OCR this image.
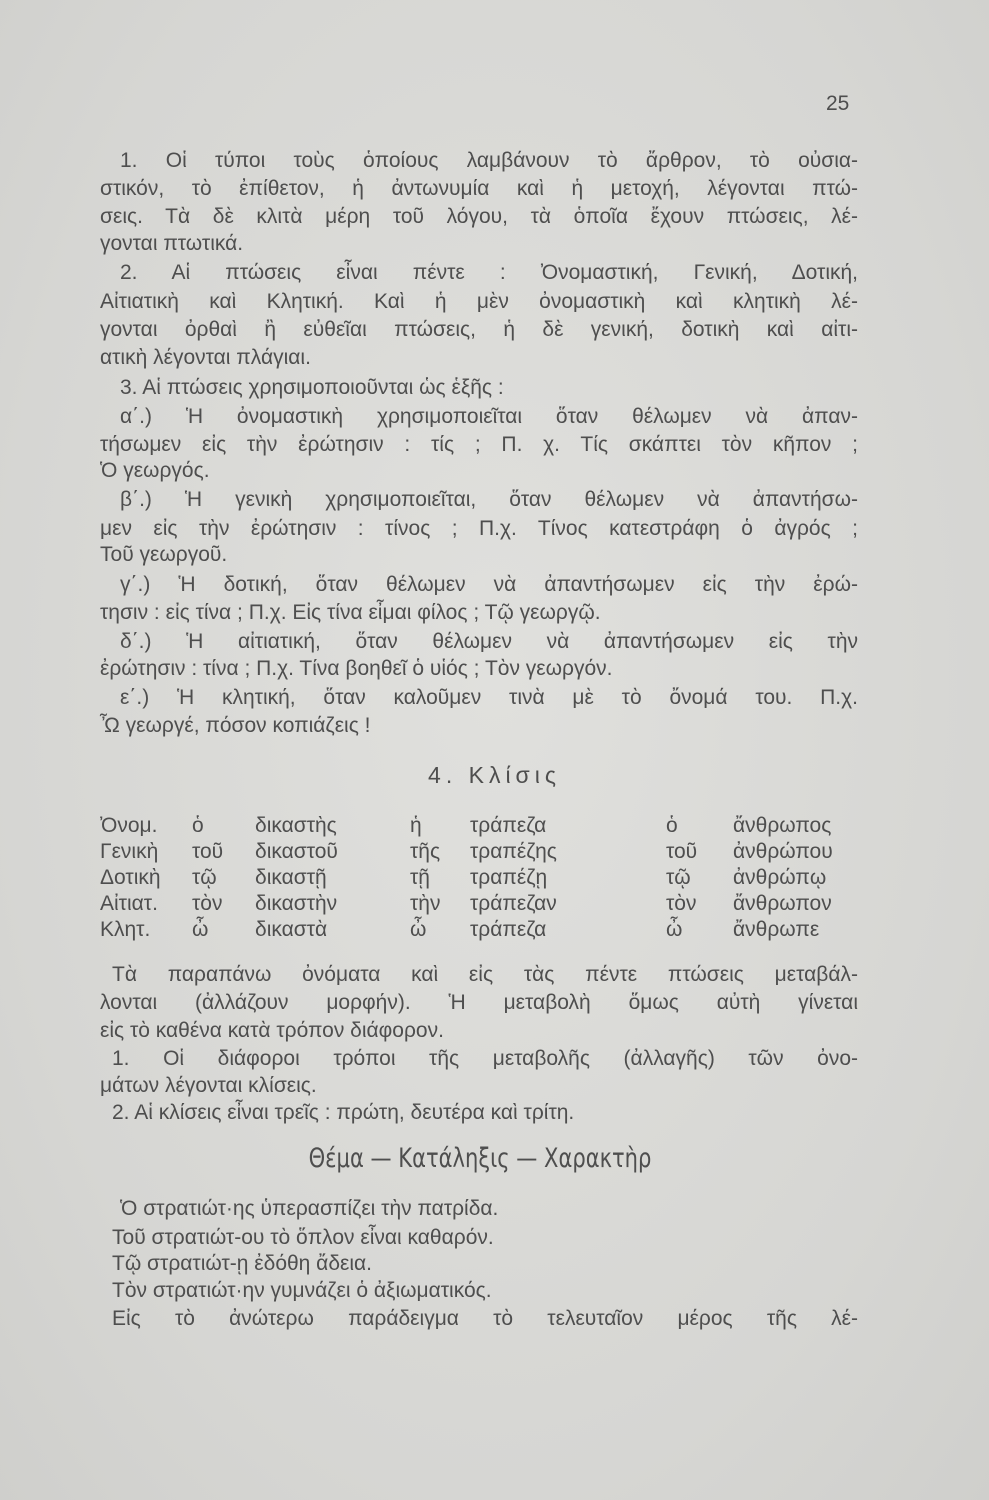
25
1. Οἱ τύποι τοὺς ὁποίους λαμβάνουν τὸ ἄρθρον, τὸ οὐσια-
στικόν, τὸ ἐπίθετον, ἡ ἀντωνυμία καὶ ἡ μετοχή, λέγονται πτώ-
σεις. Τὰ δὲ κλιτὰ μέρη τοῦ λόγου, τὰ ὁποῖα ἔχουν πτώσεις, λέ-
γονται πτωτικά.
2. Αἱ πτώσεις εἶναι πέντε : Ὀνομαστική, Γενική, Δοτική,
Αἰτιατικὴ καὶ Κλητική. Καὶ ἡ μὲν ὀνομαστικὴ καὶ κλητικὴ λέ-
γονται ὀρθαὶ ἢ εὐθεῖαι πτώσεις, ἡ δὲ γενική, δοτικὴ καὶ αἰτι-
ατικὴ λέγονται πλάγιαι.
3. Αἱ πτώσεις χρησιμοποιοῦνται ὡς ἑξῆς :
α΄.) Ἡ ὀνομαστικὴ χρησιμοποιεῖται ὅταν θέλωμεν νὰ ἀπαν-
τήσωμεν εἰς τὴν ἐρώτησιν : τίς ; Π. χ. Τίς σκάπτει τὸν κῆπον ;
Ὁ γεωργός.
β΄.) Ἡ γενικὴ χρησιμοποιεῖται, ὅταν θέλωμεν νὰ ἀπαντήσω-
μεν εἰς τὴν ἐρώτησιν : τίνος ; Π.χ. Τίνος κατεστράφη ὁ ἀγρός ;
Τοῦ γεωργοῦ.
γ΄.) Ἡ δοτική, ὅταν θέλωμεν νὰ ἀπαντήσωμεν εἰς τὴν ἐρώ-
τησιν : εἰς τίνα ; Π.χ. Εἰς τίνα εἶμαι φίλος ; Τῷ γεωργῷ.
δ΄.) Ἡ αἰτιατική, ὅταν θέλωμεν νὰ ἀπαντήσωμεν εἰς τὴν
ἐρώτησιν : τίνα ; Π.χ. Τίνα βοηθεῖ ὁ υἱός ; Τὸν γεωργόν.
ε΄.) Ἡ κλητική, ὅταν καλοῦμεν τινὰ μὲ τὸ ὄνομά του. Π.χ.
Ὦ γεωργέ, πόσον κοπιάζεις !
4. Κλίσις
Ὀνομ. ὁ δικαστὴς	ἡ τράπεζα	ὁ	ἄνθρωπος
Γενικὴ τοῦ δικαστοῦ	τῆς τραπέζης	τοῦ ἀνθρώπου
Δοτικὴ τῷ δικαστῇ	τῇ τραπέζῃ	τῷ ἀνθρώπῳ
Αἰτιατ. τὸν δικαστὴν	τὴν τράπεζαν	τὸν ἄνθρωπον
Κλητ. ὦ δικαστὰ	ὦ τράπεζα	ὦ ἄνθρωπε
Τὰ παραπάνω ὀνόματα καὶ εἰς τὰς πέντε πτώσεις μεταβάλ-
λονται (ἀλλάζουν μορφήν). Ἡ μεταβολὴ ὅμως αὐτὴ γίνεται
εἰς τὸ καθένα κατὰ τρόπον διάφορον.
1. Οἱ διάφοροι τρόποι τῆς μεταβολῆς (ἀλλαγῆς) τῶν ὀνο-
μάτων λέγονται κλίσεις.
2. Αἱ κλίσεις εἶναι τρεῖς : πρώτη, δευτέρα καὶ τρίτη.
Θέμα — Κατάληξις — Χαρακτὴρ
Ὁ στρατιώτ·ης ὑπερασπίζει τὴν πατρίδα.
Τοῦ στρατιώτ-ου τὸ ὅπλον εἶναι καθαρόν.
Τῷ στρατιώτ-ῃ ἐδόθη ἄδεια.
Τὸν στρατιώτ·ην γυμνάζει ὁ ἀξιωματικός.
Εἰς τὸ ἀνώτερω παράδειγμα τὸ τελευταῖον μέρος τῆς λέ-
